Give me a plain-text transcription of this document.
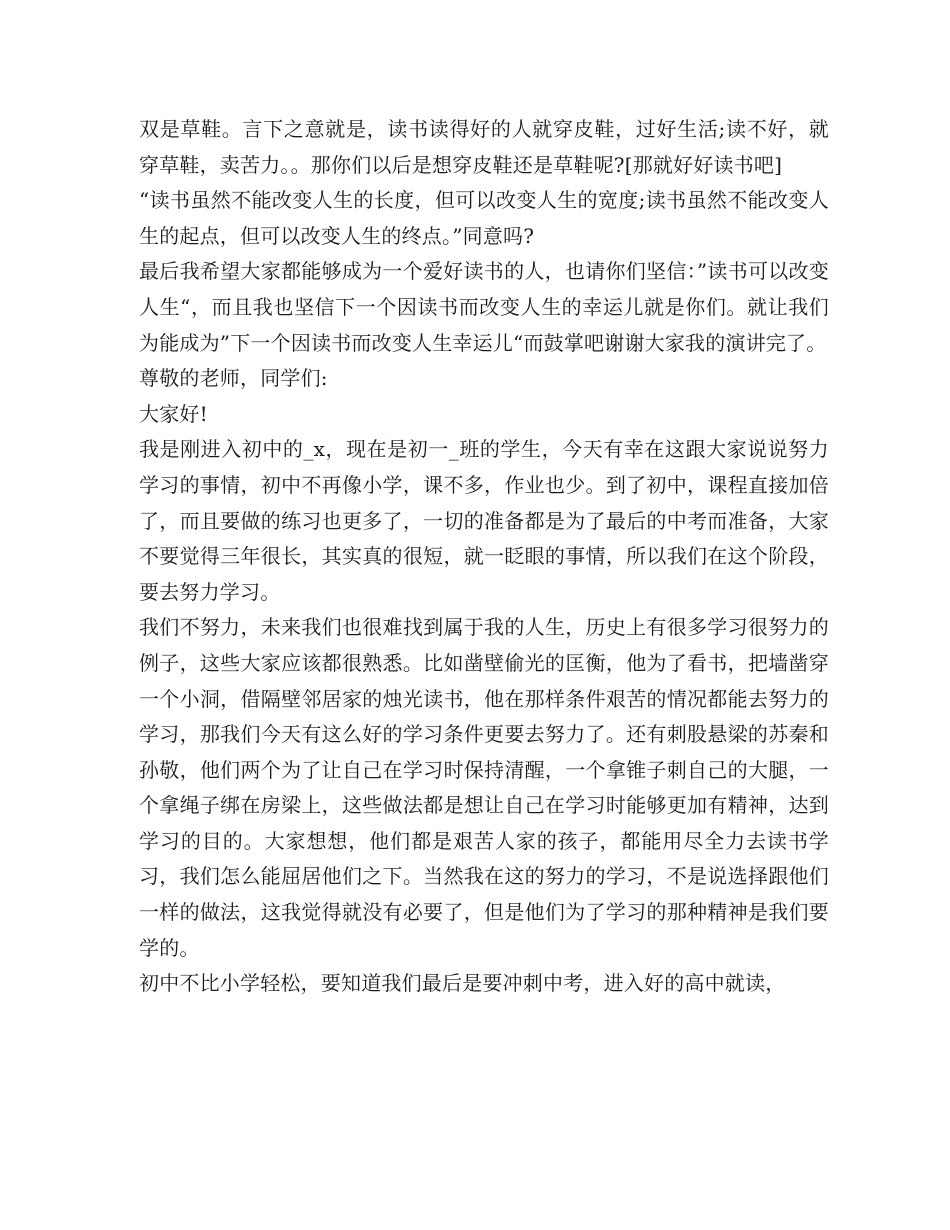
双是草鞋。言下之意就是，读书读得好的人就穿皮鞋，过好生活;读不好，就穿草鞋，卖苦力。。那你们以后是想穿皮鞋还是草鞋呢?[那就好好读书吧]

“读书虽然不能改变人生的长度，但可以改变人生的宽度;读书虽然不能改变人生的起点，但可以改变人生的终点。”同意吗?

最后我希望大家都能够成为一个爱好读书的人，也请你们坚信：”读书可以改变人生“，而且我也坚信下一个因读书而改变人生的幸运儿就是你们。就让我们为能成为”下一个因读书而改变人生幸运儿“而鼓掌吧谢谢大家我的演讲完了。

尊敬的老师，同学们:

大家好!

我是刚进入初中的_x，现在是初一_班的学生，今天有幸在这跟大家说说努力学习的事情，初中不再像小学，课不多，作业也少。到了初中，课程直接加倍了，而且要做的练习也更多了，一切的准备都是为了最后的中考而准备，大家不要觉得三年很长，其实真的很短，就一眨眼的事情，所以我们在这个阶段，要去努力学习。

我们不努力，未来我们也很难找到属于我的人生，历史上有很多学习很努力的例子，这些大家应该都很熟悉。比如凿壁偷光的匡衡，他为了看书，把墙凿穿一个小洞，借隔壁邻居家的烛光读书，他在那样条件艰苦的情况都能去努力的学习，那我们今天有这么好的学习条件更要去努力了。还有刺股悬梁的苏秦和孙敬，他们两个为了让自己在学习时保持清醒，一个拿锥子刺自己的大腿，一个拿绳子绑在房梁上，这些做法都是想让自己在学习时能够更加有精神，达到学习的目的。大家想想，他们都是艰苦人家的孩子，都能用尽全力去读书学习，我们怎么能屈居他们之下。当然我在这的努力的学习，不是说选择跟他们一样的做法，这我觉得就没有必要了，但是他们为了学习的那种精神是我们要学的。

初中不比小学轻松，要知道我们最后是要冲刺中考，进入好的高中就读，
